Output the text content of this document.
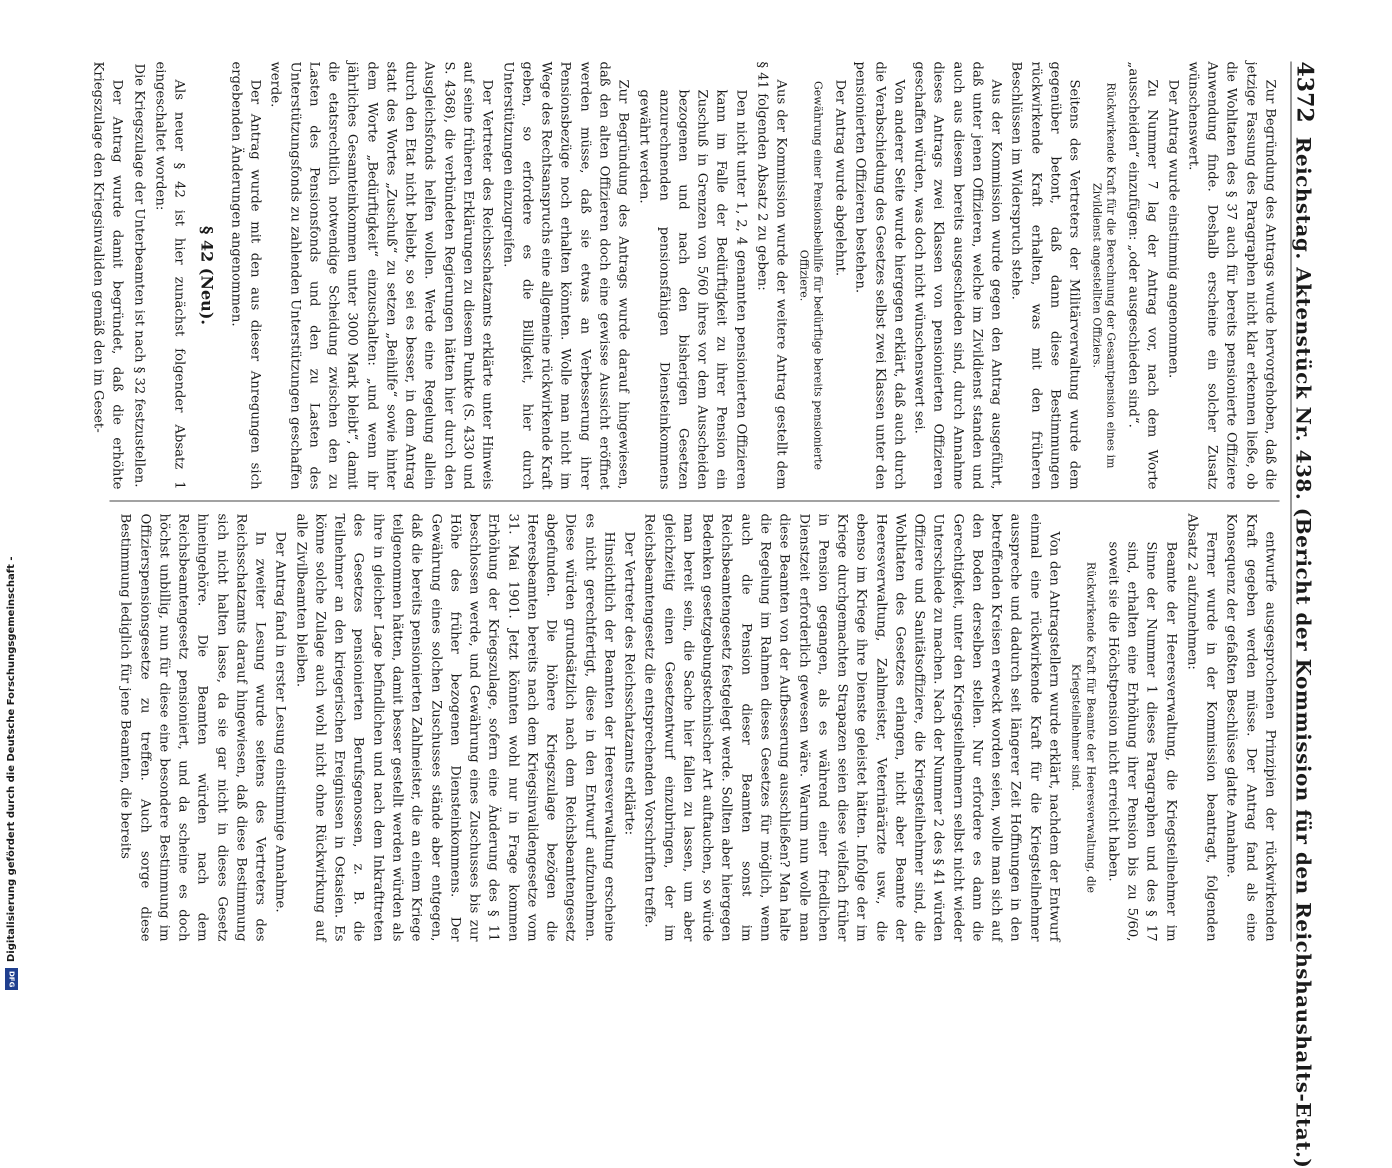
4372
Reichstag. Aktenstück Nr. 438. (Bericht der Kommission für den Reichshaushalts-Etat.)

Zur Begründung des Antrags wurde hervorgehoben, daß die jetzige Fassung des Paragraphen nicht klar erkennen ließe, ob die Wohltaten des § 37 auch für bereits pensionierte Offiziere Anwendung finde. Deshalb erscheine ein solcher Zusatz wünschenswert.

Der Antrag wurde einstimmig angenommen.

Zu Nummer 7 lag der Antrag vor, nach dem Worte „ausscheiden“ einzufügen: „oder ausgeschieden sind“.

Rückwirkende Kraft für die Berechnung der Gesamtpension eines im Zivildienst angestellten Offiziers.

Seitens des Vertreters der Militärverwaltung wurde dem gegenüber betont, daß dann diese Bestimmungen rückwirkende Kraft erhalten, was mit den früheren Beschlüssen im Widerspruch stehe.

Aus der Kommission wurde gegen den Antrag ausgeführt, daß unter jenen Offizieren, welche im Zivildienst standen und auch aus diesem bereits ausgeschieden sind, durch Annahme dieses Antrags zwei Klassen von pensionierten Offizieren geschaffen würden, was doch nicht wünschenswert sei.

Von anderer Seite wurde hiergegen erklärt, daß auch durch die Verabschiedung des Gesetzes selbst zwei Klassen unter den pensionierten Offizieren bestehen.

Der Antrag wurde abgelehnt.

Gewährung einer Pensionsbeihilfe für bedürftige bereits pensionierte Offiziere.

Aus der Kommission wurde der weitere Antrag gestellt dem § 41 folgenden Absatz 2 zu geben:

Den nicht unter 1, 2, 4 genannten pensionierten Offizieren kann im Falle der Bedürftigkeit zu ihrer Pension ein Zuschuß in Grenzen von 5/60 ihres vor dem Ausscheiden bezogenen und nach den bisherigen Gesetzen anzurechnenden pensionsfähigen Diensteinkommens gewährt werden.

Zur Begründung des Antrags wurde darauf hingewiesen, daß den alten Offizieren doch eine gewisse Aussicht eröffnet werden müsse, daß sie etwas an Verbesserung ihrer Pensionsbezüge noch erhalten könnten. Wolle man nicht im Wege des Rechtsanspruchs eine allgemeine rückwirkende Kraft geben, so erfordere es die Billigkeit, hier durch Unterstützungen einzugreifen.

Der Vertreter des Reichsschatzamts erklärte unter Hinweis auf seine früheren Erklärungen zu diesem Punkte (S. 4330 und S. 4368), die verbündeten Regierungen hätten hier durch den Ausgleichsfonds helfen wollen. Werde eine Regelung allein durch den Etat nicht beliebt, so sei es besser, in dem Antrag statt des Wortes „Zuschuß“ zu setzen „Beihilfe“ sowie hinter dem Worte „Bedürftigkeit“ einzuschalten: „und wenn ihr jährliches Gesamteinkommen unter 3000 Mark bleibt“, damit die etatsrechtlich notwendige Scheidung zwischen den zu Lasten des Pensionsfonds und den zu Lasten des Unterstützungsfonds zu zahlenden Unterstützungen geschaffen werde.

Der Antrag wurde mit den aus dieser Anregungen sich ergebenden Änderungen angenommen.

§ 42 (Neu).

Als neuer § 42 ist hier zunächst folgender Absatz 1 eingeschaltet worden:

Die Kriegszulage der Unterbeamten ist nach § 32 festzustellen.

Der Antrag wurde damit begründet, daß die erhöhte Kriegszulage den Kriegsinvaliden gemäß den im Geset-

entwurfe ausgesprochenen Prinzipien der rückwirkenden Kraft gegeben werden müsse. Der Antrag fand als eine Konsequenz der gefaßten Beschlüsse glatte Annahme.

Ferner wurde in der Kommission beantragt, folgenden Absatz 2 aufzunehmen:

Beamte der Heeresverwaltung, die Kriegsteilnehmer im Sinne der Nummer 1 dieses Paragraphen und des § 17 sind, erhalten eine Erhöhung ihrer Pension bis zu 5/60, soweit sie die Höchstpension nicht erreicht haben.

Rückwirkende Kraft für Beamte der Heeresverwaltung, die Kriegsteilnehmer sind.

Von den Antragstellern wurde erklärt, nachdem der Entwurf einmal eine rückwirkende Kraft für die Kriegsteilnehmer ausspreche und dadurch seit längerer Zeit Hoffnungen in den betreffenden Kreisen erweckt worden seien, wolle man sich auf den Boden derselben stellen. Nur erfordere es dann die Gerechtigkeit, unter den Kriegsteilnehmern selbst nicht wieder Unterschiede zu machen. Nach der Nummer 2 des § 41 würden Offiziere und Sanitätsoffiziere, die Kriegsteilnehmer sind, die Wohltaten des Gesetzes erlangen, nicht aber Beamte der Heeresverwaltung, Zahlmeister, Veterinärärzte usw., die ebenso im Kriege ihre Dienste geleistet hätten. Infolge der im Kriege durchgemachten Strapazen seien diese vielfach früher in Pension gegangen, als es während einer friedlichen Dienstzeit erforderlich gewesen wäre. Warum nun wolle man diese Beamten von der Aufbesserung ausschließen? Man halte die Regelung im Rahmen dieses Gesetzes für möglich, wenn auch die Pension dieser Beamten sonst im Reichsbeamtengesetz festgelegt werde. Sollten aber hiergegen Bedenken gesetzgebungstechnischer Art auftauchen, so würde man bereit sein, die Sache hier fallen zu lassen, um aber gleichzeitig einen Gesetzentwurf einzubringen, der im Reichsbeamtengesetz die entsprechenden Vorschriften treffe.

Der Vertreter des Reichsschatzamts erklärte:

Hinsichtlich der Beamten der Heeresverwaltung erscheine es nicht gerechtfertigt, diese in den Entwurf aufzunehmen. Diese würden grundsätzlich nach dem Reichsbeamtengesetz abgefunden. Die höhere Kriegszulage bezögen die Heeresbeamten bereits nach dem Kriegsinvalidengesetze vom 31. Mai 1901. Jetzt könnten wohl nur in Frage kommen Erhöhung der Kriegszulage, sofern eine Änderung des § 11 beschlossen werde, und Gewährung eines Zuschusses bis zur Höhe des früher bezogenen Diensteinkommens. Der Gewährung eines solchen Zuschusses stände aber entgegen, daß die bereits pensionierten Zahlmeister, die an einem Kriege teilgenommen hätten, damit besser gestellt werden würden als ihre in gleicher Lage befindlichen und nach dem Inkrafttreten des Gesetzes pensionierten Berufsgenossen, z. B. die Teilnehmer an den kriegerischen Ereignissen in Ostasien. Es könne solche Zulage auch wohl nicht ohne Rückwirkung auf alle Zivilbeamten bleiben.

Der Antrag fand in erster Lesung einstimmige Annahme.

In zweiter Lesung wurde seitens des Vertreters des Reichsschatzamts darauf hingewiesen, daß diese Bestimmung sich nicht halten lasse, da sie gar nicht in dieses Gesetz hineingehöre. Die Beamten würden nach dem Reichsbeamtengesetz pensioniert, und da scheine es doch höchst unbillig, nun für diese eine besondere Bestimmung im Offizierspensionsgesetze zu treffen. Auch sorge diese Bestimmung lediglich für jene Beamten, die bereits

Digitalisierung gefördert durch die Deutsche Forschungsgemeinschaft -
DFG
